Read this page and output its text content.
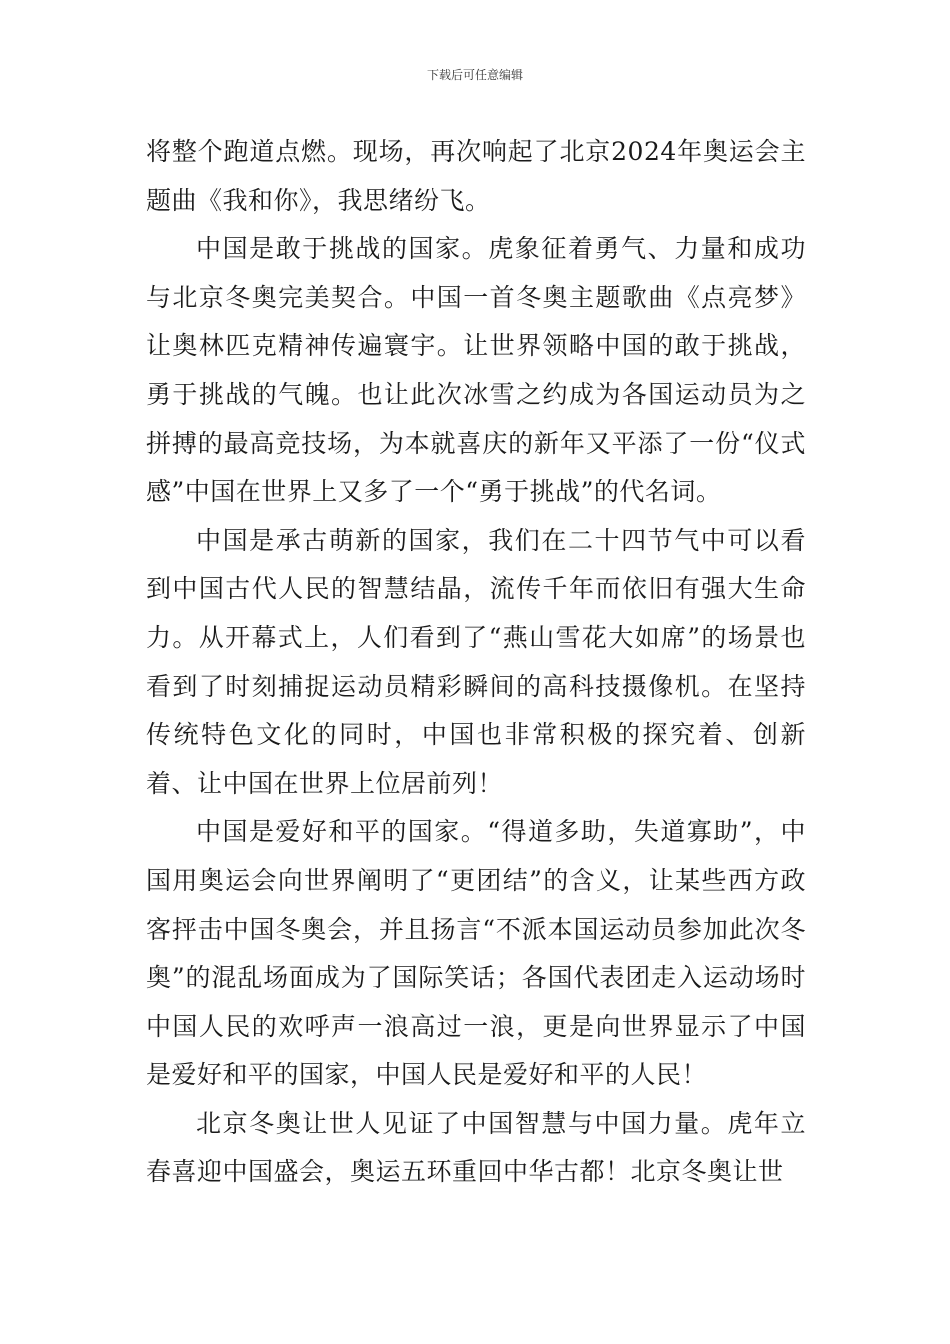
下载后可任意编辑

将整个跑道点燃。现场，再次响起了北京2024年奥运会主题曲《我和你》，我思绪纷飞。

中国是敢于挑战的国家。虎象征着勇气、力量和成功与北京冬奥完美契合。中国一首冬奥主题歌曲《点亮梦》让奥林匹克精神传遍寰宇。让世界领略中国的敢于挑战，勇于挑战的气魄。也让此次冰雪之约成为各国运动员为之拼搏的最高竞技场，为本就喜庆的新年又平添了一份“仪式感”中国在世界上又多了一个“勇于挑战”的代名词。

中国是承古萌新的国家，我们在二十四节气中可以看到中国古代人民的智慧结晶，流传千年而依旧有强大生命力。从开幕式上，人们看到了“燕山雪花大如席”的场景也看到了时刻捕捉运动员精彩瞬间的高科技摄像机。在坚持传统特色文化的同时，中国也非常积极的探究着、创新着、让中国在世界上位居前列！

中国是爱好和平的国家。“得道多助，失道寡助”，中国用奥运会向世界阐明了“更团结”的含义，让某些西方政客抨击中国冬奥会，并且扬言“不派本国运动员参加此次冬奥”的混乱场面成为了国际笑话；各国代表团走入运动场时中国人民的欢呼声一浪高过一浪，更是向世界显示了中国是爱好和平的国家，中国人民是爱好和平的人民！

北京冬奥让世人见证了中国智慧与中国力量。虎年立春喜迎中国盛会，奥运五环重回中华古都！北京冬奥让世
